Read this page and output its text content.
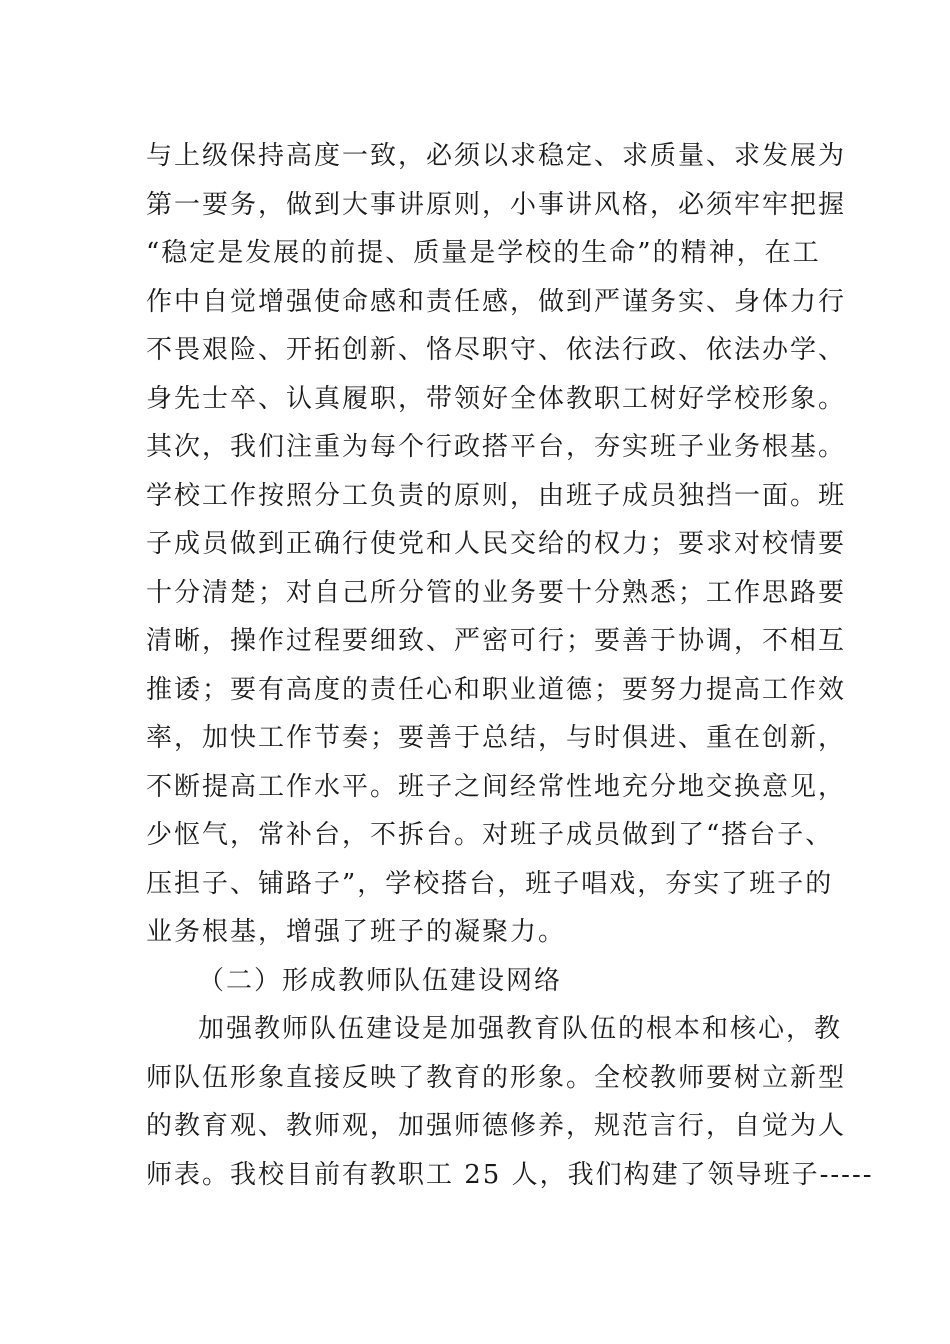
与上级保持高度一致，必须以求稳定、求质量、求发展为
第一要务，做到大事讲原则，小事讲风格，必须牢牢把握
“稳定是发展的前提、质量是学校的生命”的精神，在工
作中自觉增强使命感和责任感，做到严谨务实、身体力行
不畏艰险、开拓创新、恪尽职守、依法行政、依法办学、
身先士卒、认真履职，带领好全体教职工树好学校形象。
其次，我们注重为每个行政搭平台，夯实班子业务根基。
学校工作按照分工负责的原则，由班子成员独挡一面。班
子成员做到正确行使党和人民交给的权力；要求对校情要
十分清楚；对自己所分管的业务要十分熟悉；工作思路要
清晰，操作过程要细致、严密可行；要善于协调，不相互
推诿；要有高度的责任心和职业道德；要努力提高工作效
率，加快工作节奏；要善于总结，与时俱进、重在创新，
不断提高工作水平。班子之间经常性地充分地交换意见，
少怄气，常补台，不拆台。对班子成员做到了“搭台子、
压担子、铺路子”，学校搭台，班子唱戏，夯实了班子的
业务根基，增强了班子的凝聚力。
（二）形成教师队伍建设网络
加强教师队伍建设是加强教育队伍的根本和核心，教
师队伍形象直接反映了教育的形象。全校教师要树立新型
的教育观、教师观，加强师德修养，规范言行，自觉为人
师表。我校目前有教职工 25 人，我们构建了领导班子-----
